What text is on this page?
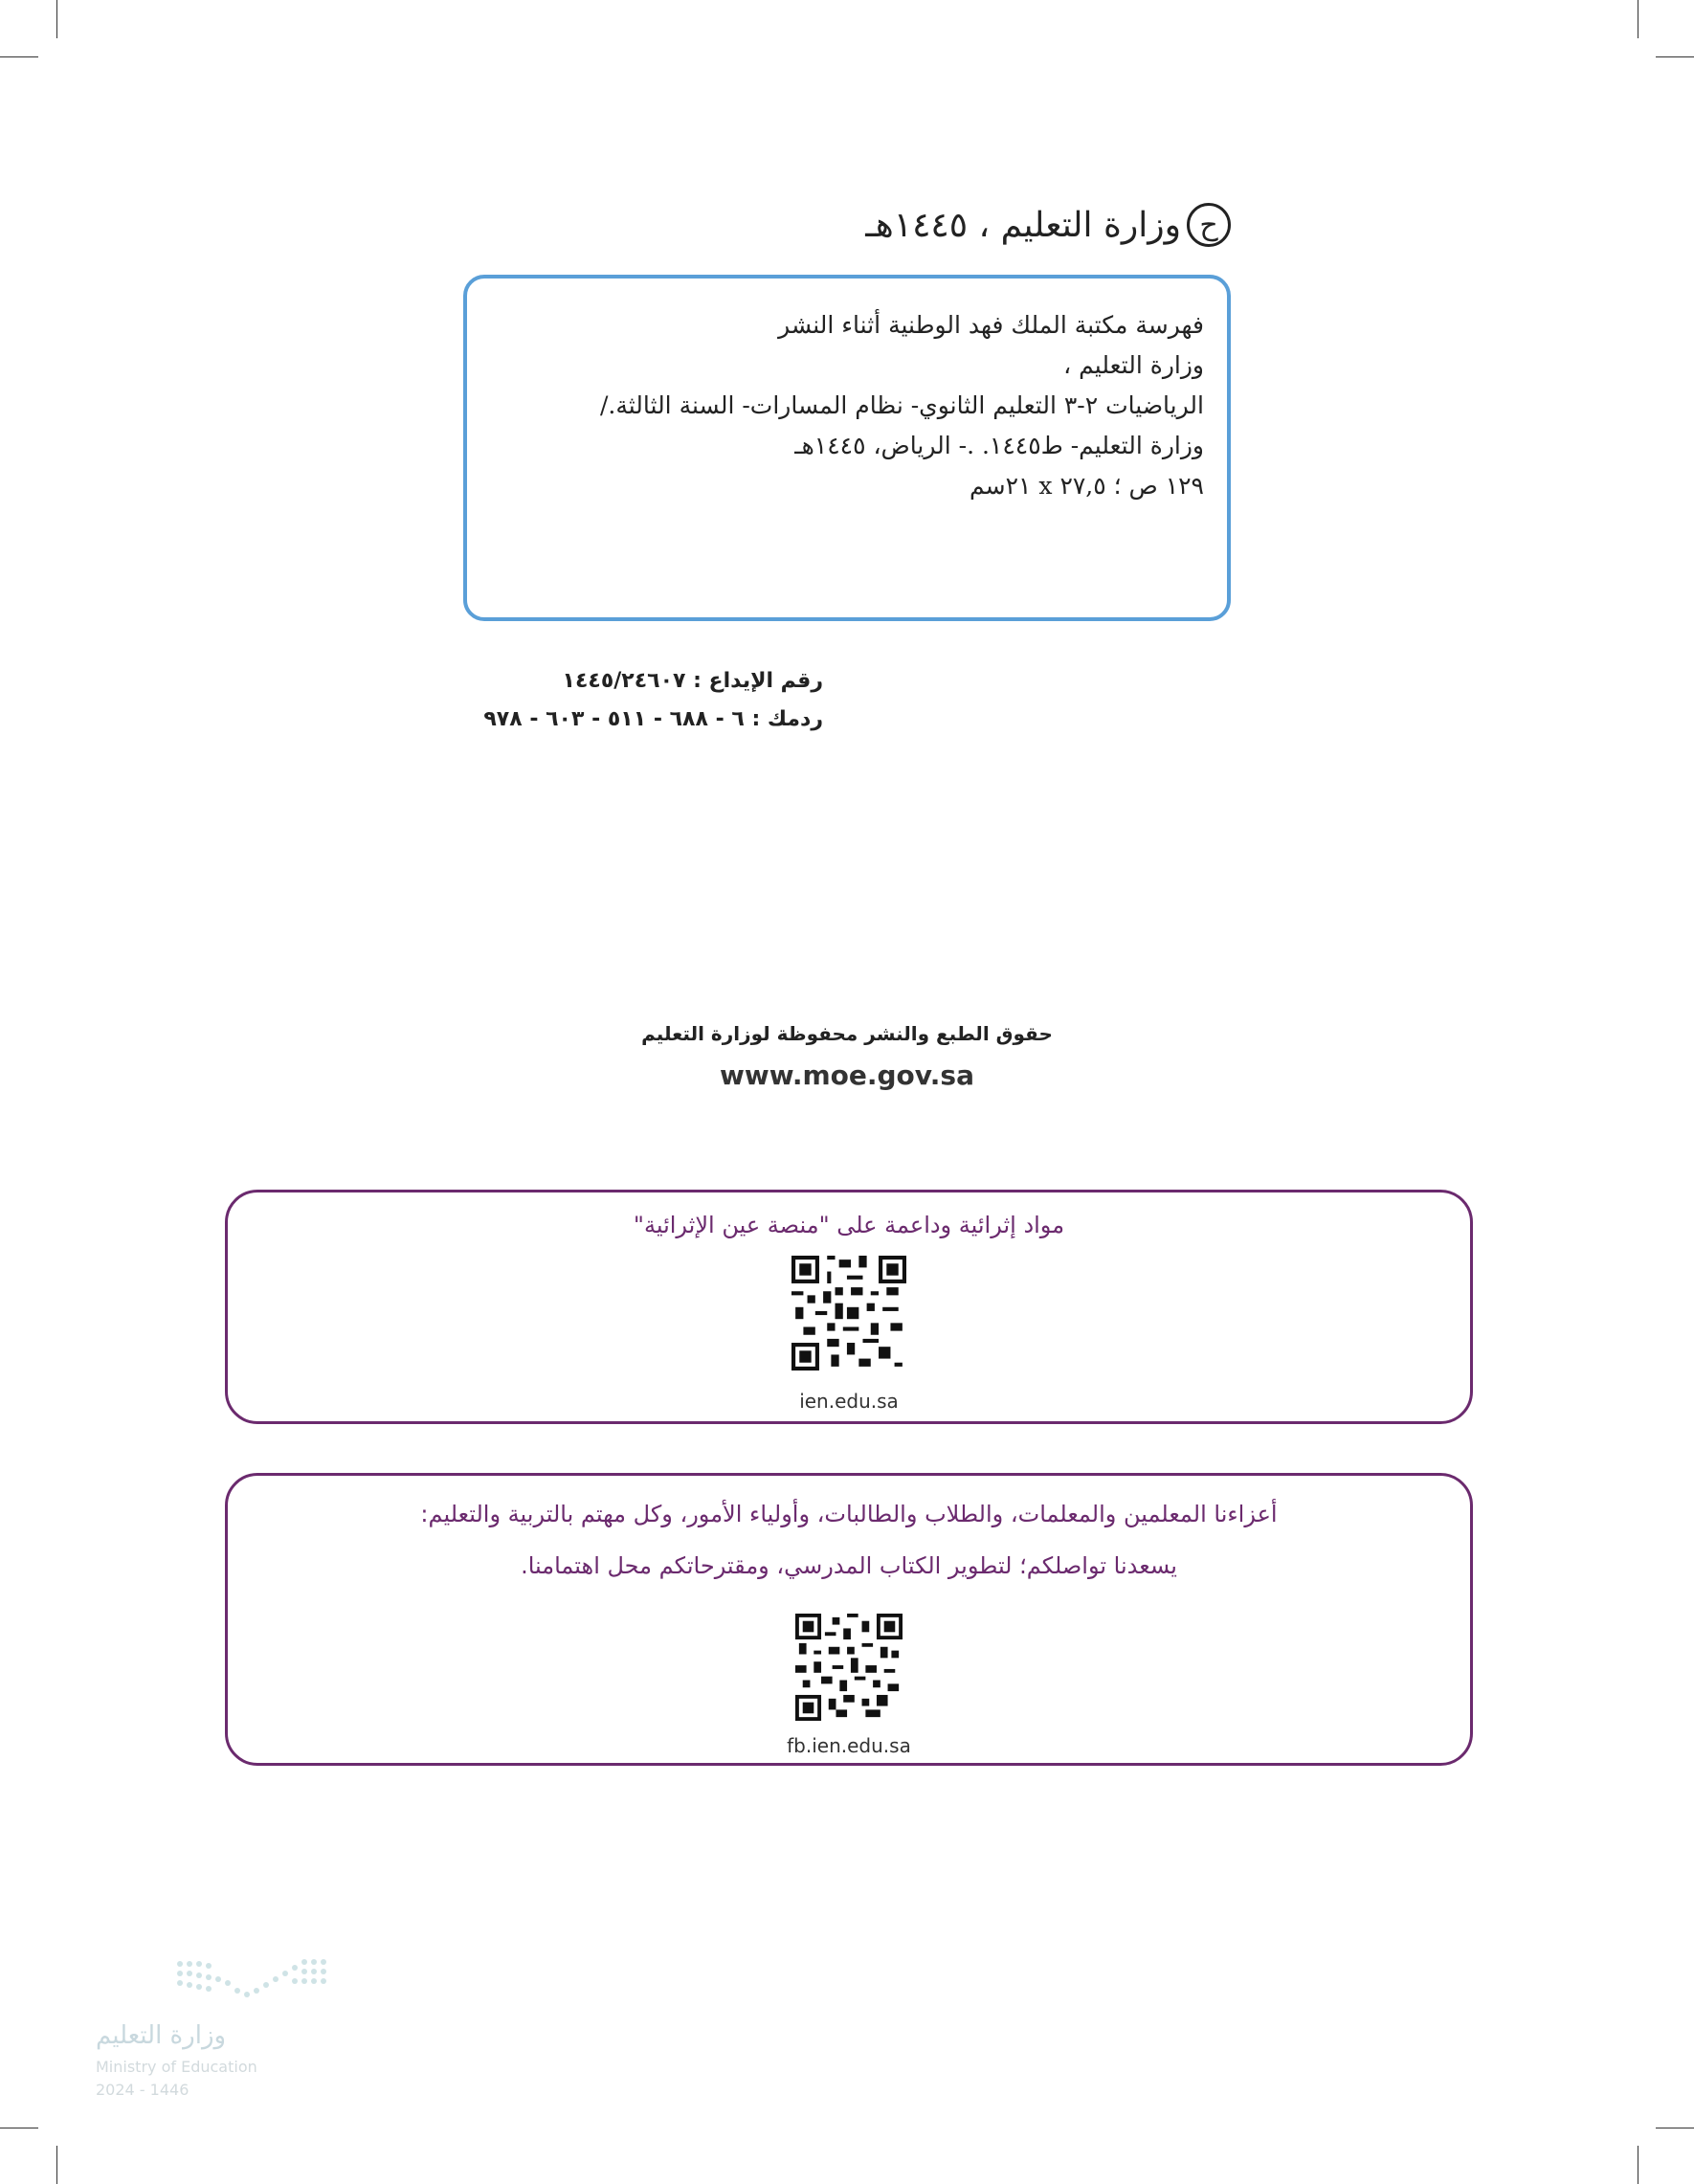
ح
وزارة التعليم ، ١٤٤٥هـ
فهرسة مكتبة الملك فهد الوطنية أثناء النشر
وزارة التعليم ،
الرياضيات ٢-٣ التعليم الثانوي- نظام المسارات- السنة الثالثة./
وزارة التعليم- ط١٤٤٥. .- الرياض، ١٤٤٥هـ
١٢٩ ص ؛ ٢٧,٥ x ٢١سم
رقم الإيداع : ١٤٤٥/٢٤٦٠٧
ردمك : ٦ - ٦٨٨ - ٥١١ - ٦٠٣ - ٩٧٨
حقوق الطبع والنشر محفوظة لوزارة التعليم
www.moe.gov.sa
مواد إثرائية وداعمة على "منصة عين الإثرائية"
ien.edu.sa
أعزاءنا المعلمين والمعلمات، والطلاب والطالبات، وأولياء الأمور، وكل مهتم بالتربية والتعليم:
يسعدنا تواصلكم؛ لتطوير الكتاب المدرسي، ومقترحاتكم محل اهتمامنا.
fb.ien.edu.sa
وزارة التعليم
Ministry of Education
2024 - 1446
